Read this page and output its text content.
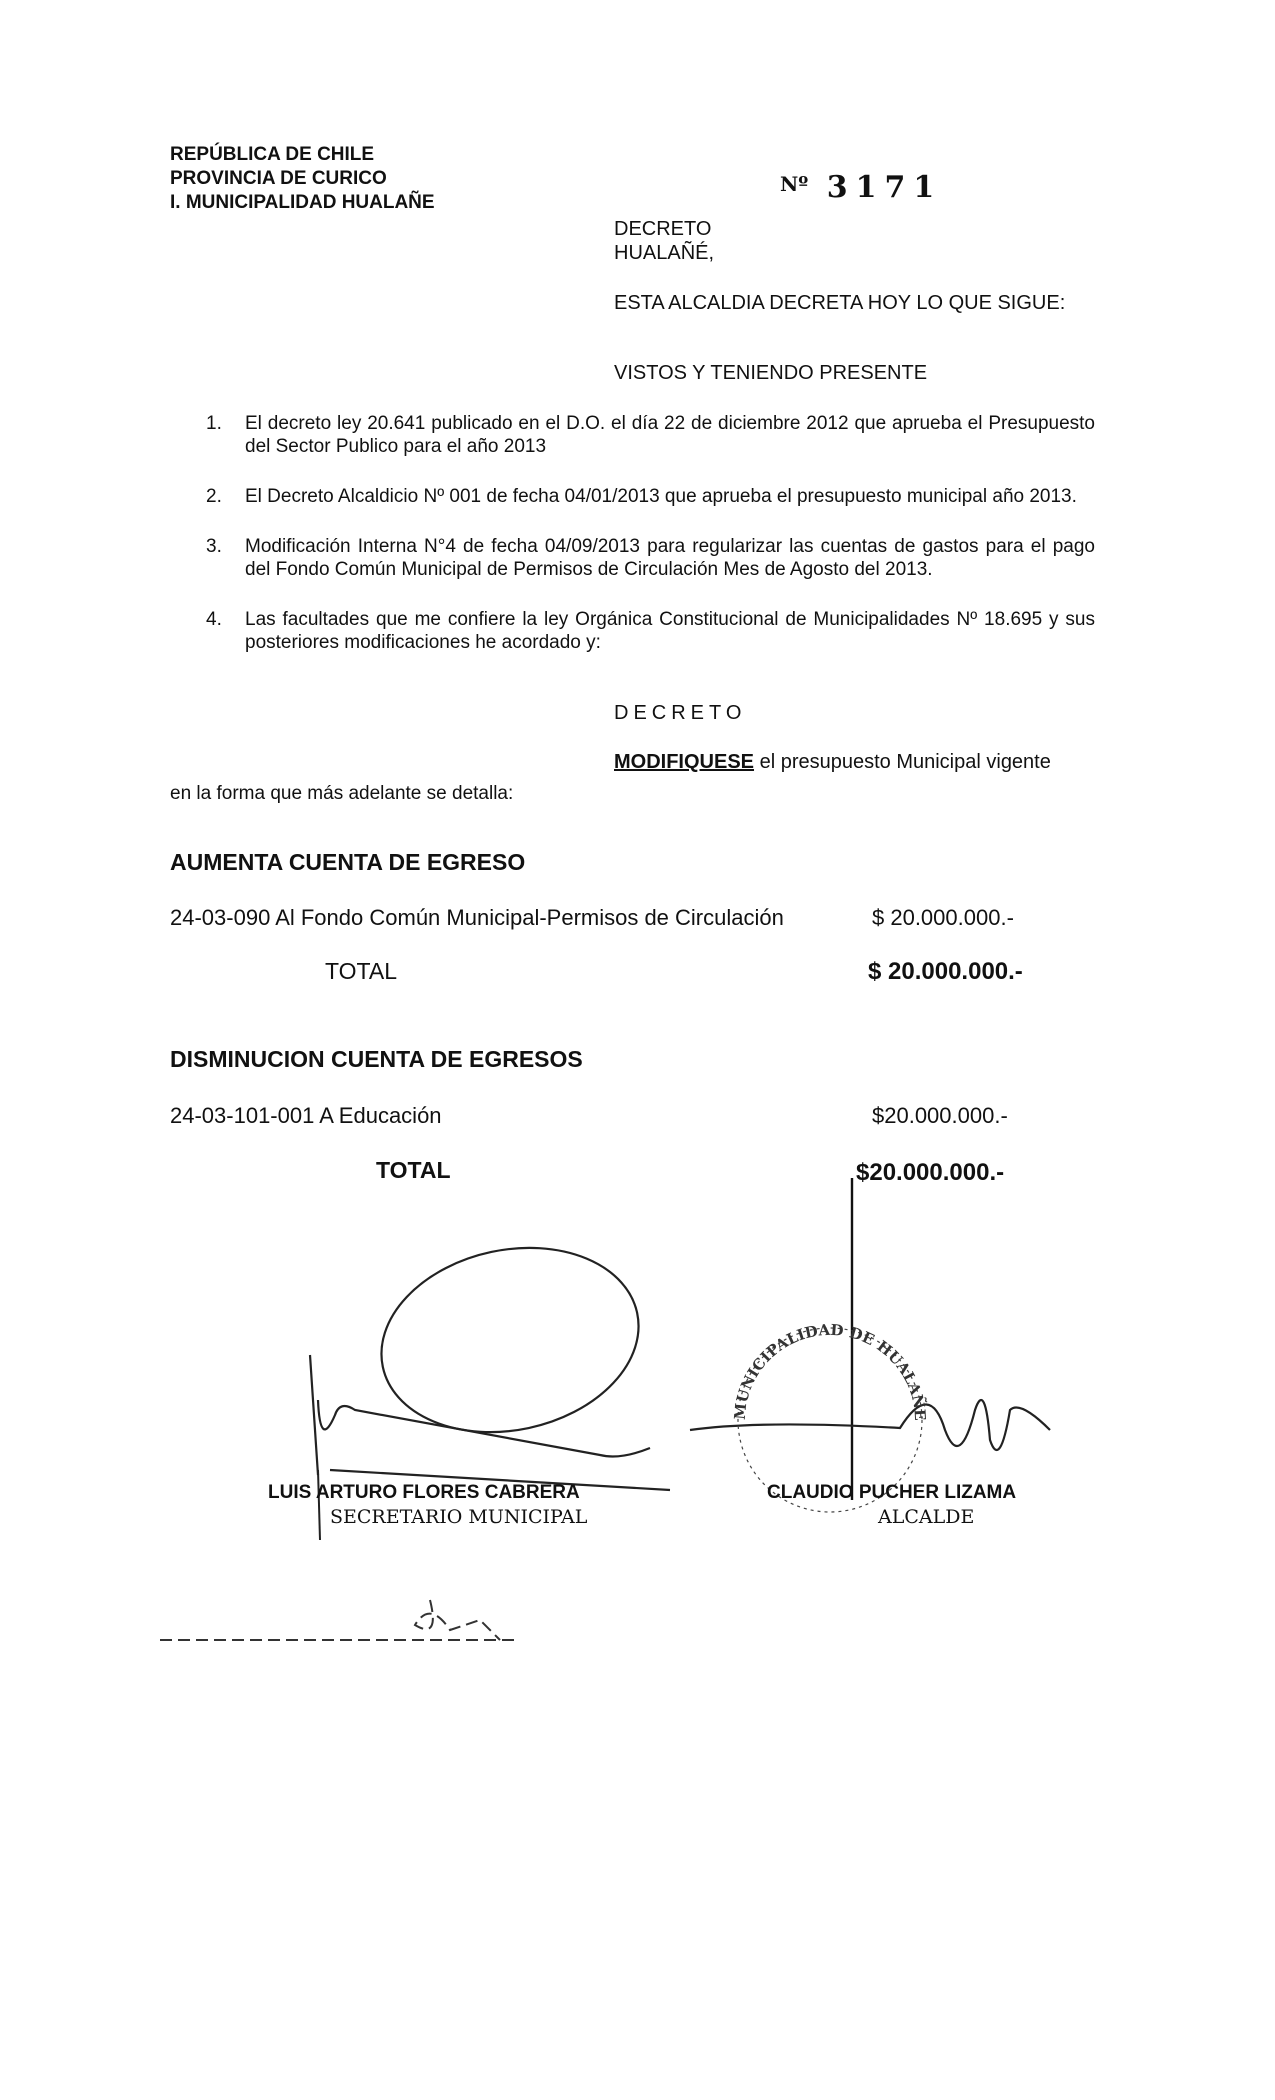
REPÚBLICA DE CHILE
PROVINCIA DE CURICO
I. MUNICIPALIDAD HUALAÑE
$^{Nº}$ 3171
DECRETO
HUALAÑÉ,
ESTA ALCALDIA DECRETA HOY LO QUE SIGUE:
VISTOS Y TENIENDO PRESENTE
1. El decreto ley 20.641 publicado en el D.O. el día 22 de diciembre 2012 que aprueba el Presupuesto del Sector Publico para el año 2013
2. El Decreto Alcaldicio Nº 001 de fecha 04/01/2013 que aprueba el presupuesto municipal año 2013.
3. Modificación Interna N°4 de fecha 04/09/2013 para regularizar las cuentas de gastos para el pago del Fondo Común Municipal de Permisos de Circulación Mes de Agosto del 2013.
4. Las facultades que me confiere la ley Orgánica Constitucional de Municipalidades Nº 18.695 y sus posteriores modificaciones he acordado y:
DECRETO
MODIFIQUESE el presupuesto Municipal vigente
en la forma que más adelante se detalla:
AUMENTA CUENTA DE EGRESO
24-03-090 Al Fondo Común Municipal-Permisos de Circulación	$ 20.000.000.-
TOTAL	$ 20.000.000.-
DISMINUCION CUENTA DE EGRESOS
24-03-101-001 A Educación	$20.000.000.-
TOTAL	$20.000.000.-
MUNICIPALIDAD DE HUALAÑE
LUIS ARTURO FLORES CABRERA
SECRETARIO MUNICIPAL
CLAUDIO PUCHER LIZAMA
ALCALDE
